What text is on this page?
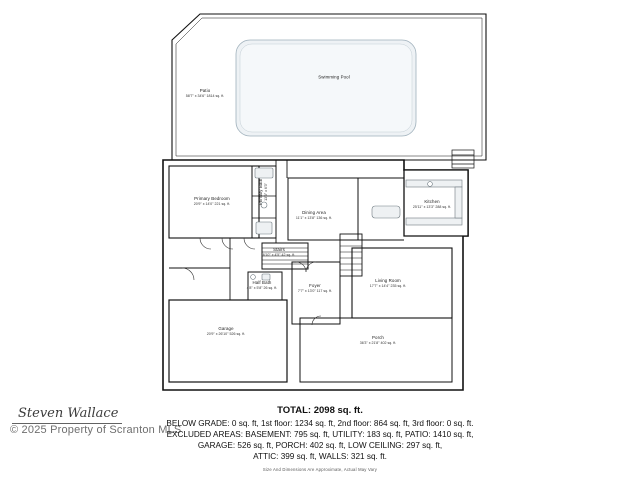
Patio
58'7" x 34'6" 1814 sq. ft.
Swimming Pool
Primary Bedroom
20'9" x 14'0" 221 sq. ft.	Primary Bath 13'3" x 6'3"
Dining Area
11'1" x 13'8" 136 sq. ft.
Kitchen
25'11" x 13'3" 288 sq. ft.
Stairs
6'10" x 4'5" 42 sq. ft.
Half Bath
4'8" x 5'8" 26 sq. ft.	Foyer
7'7" x 13'0" 117 sq. ft.
Living Room
17'7" x 14'4" 235 sq. ft.
Garage
20'9" x 26'10" 526 sq. ft.
Porch
36'3" x 21'8" 402 sq. ft.
Steven Wallace
© 2025 Property of Scranton MLS
TOTAL: 2098 sq. ft.
BELOW GRADE: 0 sq. ft, 1st floor: 1234 sq. ft, 2nd floor: 864 sq. ft, 3rd floor: 0 sq. ft.
EXCLUDED AREAS: BASEMENT: 795 sq. ft, UTILITY: 183 sq. ft, PATIO: 1410 sq. ft,
GARAGE: 526 sq. ft, PORCH: 402 sq. ft, LOW CEILING: 297 sq. ft,
ATTIC: 399 sq. ft, WALLS: 321 sq. ft.
Size And Dimensions Are Approximate, Actual May Vary
